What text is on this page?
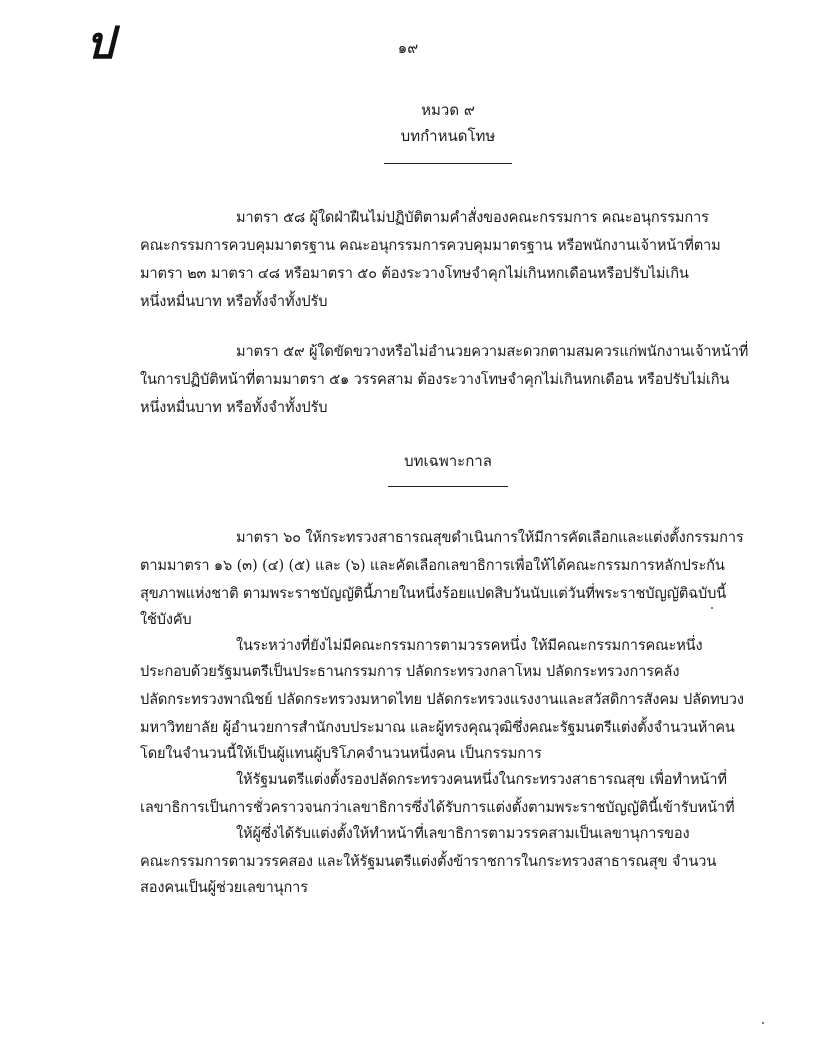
ป	๑๙
หมวด ๙
บทกำหนดโทษ
มาตรา ๕๘ ผู้ใดฝ่าฝืนไม่ปฏิบัติตามคำสั่งของคณะกรรมการ คณะอนุกรรมการ
คณะกรรมการควบคุมมาตรฐาน คณะอนุกรรมการควบคุมมาตรฐาน หรือพนักงานเจ้าหน้าที่ตาม
มาตรา ๒๓ มาตรา ๔๘ หรือมาตรา ๕๐ ต้องระวางโทษจำคุกไม่เกินหกเดือนหรือปรับไม่เกิน
หนึ่งหมื่นบาท หรือทั้งจำทั้งปรับ
มาตรา ๕๙ ผู้ใดขัดขวางหรือไม่อำนวยความสะดวกตามสมควรแก่พนักงานเจ้าหน้าที่
ในการปฏิบัติหน้าที่ตามมาตรา ๕๑ วรรคสาม ต้องระวางโทษจำคุกไม่เกินหกเดือน หรือปรับไม่เกิน
หนึ่งหมื่นบาท หรือทั้งจำทั้งปรับ
บทเฉพาะกาล
มาตรา ๖๐ ให้กระทรวงสาธารณสุขดำเนินการให้มีการคัดเลือกและแต่งตั้งกรรมการ
ตามมาตรา ๑๖ (๓) (๔) (๕) และ (๖) และคัดเลือกเลขาธิการเพื่อให้ได้คณะกรรมการหลักประกัน
สุขภาพแห่งชาติ ตามพระราชบัญญัตินี้ภายในหนึ่งร้อยแปดสิบวันนับแต่วันที่พระราชบัญญัติฉบับนี้
ใช้บังคับ
ในระหว่างที่ยังไม่มีคณะกรรมการตามวรรคหนึ่ง ให้มีคณะกรรมการคณะหนึ่ง
ประกอบด้วยรัฐมนตรีเป็นประธานกรรมการ ปลัดกระทรวงกลาโหม ปลัดกระทรวงการคลัง
ปลัดกระทรวงพาณิชย์ ปลัดกระทรวงมหาดไทย ปลัดกระทรวงแรงงานและสวัสดิการสังคม ปลัดทบวง
มหาวิทยาลัย ผู้อำนวยการสำนักงบประมาณ และผู้ทรงคุณวุฒิซึ่งคณะรัฐมนตรีแต่งตั้งจำนวนห้าคน
โดยในจำนวนนี้ให้เป็นผู้แทนผู้บริโภคจำนวนหนึ่งคน เป็นกรรมการ
ให้รัฐมนตรีแต่งตั้งรองปลัดกระทรวงคนหนึ่งในกระทรวงสาธารณสุข เพื่อทำหน้าที่
เลขาธิการเป็นการชั่วคราวจนกว่าเลขาธิการซึ่งได้รับการแต่งตั้งตามพระราชบัญญัตินี้เข้ารับหน้าที่
ให้ผู้ซึ่งได้รับแต่งตั้งให้ทำหน้าที่เลขาธิการตามวรรคสามเป็นเลขานุการของ
คณะกรรมการตามวรรคสอง และให้รัฐมนตรีแต่งตั้งข้าราชการในกระทรวงสาธารณสุข จำนวน
สองคนเป็นผู้ช่วยเลขานุการ
